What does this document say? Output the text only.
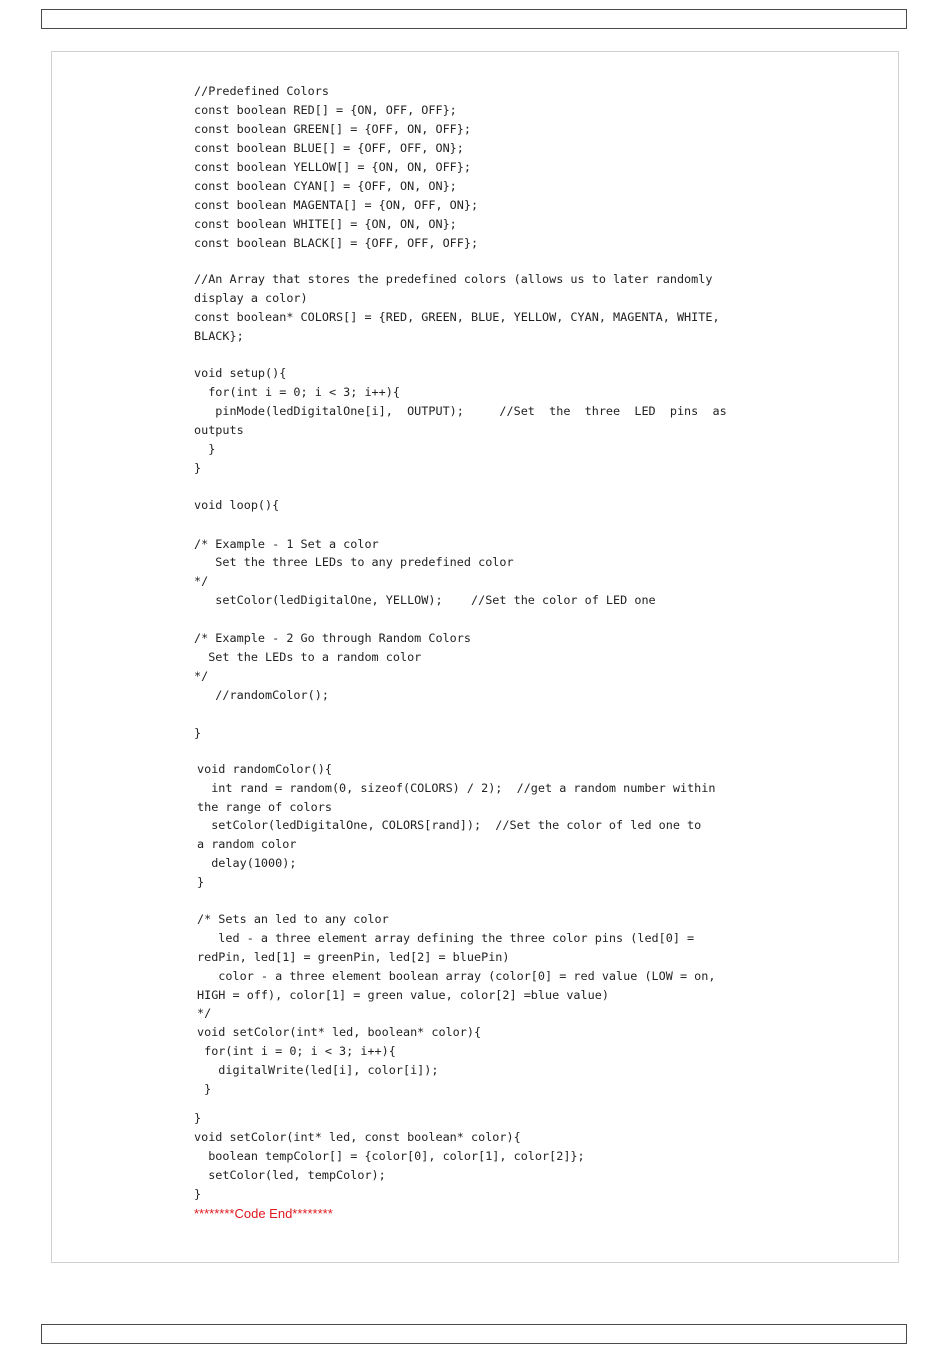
//Predefined Colors
const boolean RED[] = {ON, OFF, OFF};
const boolean GREEN[] = {OFF, ON, OFF};
const boolean BLUE[] = {OFF, OFF, ON};
const boolean YELLOW[] = {ON, ON, OFF};
const boolean CYAN[] = {OFF, ON, ON};
const boolean MAGENTA[] = {ON, OFF, ON};
const boolean WHITE[] = {ON, ON, ON};
const boolean BLACK[] = {OFF, OFF, OFF};
//An Array that stores the predefined colors (allows us to later randomly
display a color)
const boolean* COLORS[] = {RED, GREEN, BLUE, YELLOW, CYAN, MAGENTA, WHITE,
BLACK};
void setup(){
for(int i = 0; i < 3; i++){
pinMode(ledDigitalOne[i],  OUTPUT);     //Set  the  three  LED  pins  as
outputs
}
}
void loop(){
/* Example - 1 Set a color
Set the three LEDs to any predefined color
*/
setColor(ledDigitalOne, YELLOW);    //Set the color of LED one
/* Example - 2 Go through Random Colors
Set the LEDs to a random color
*/
//randomColor();
}
void randomColor(){
int rand = random(0, sizeof(COLORS) / 2);  //get a random number within
the range of colors
setColor(ledDigitalOne, COLORS[rand]);  //Set the color of led one to
a random color
delay(1000);
}
/* Sets an led to any color
led - a three element array defining the three color pins (led[0] =
redPin, led[1] = greenPin, led[2] = bluePin)
color - a three element boolean array (color[0] = red value (LOW = on,
HIGH = off), color[1] = green value, color[2] =blue value)
*/
void setColor(int* led, boolean* color){
for(int i = 0; i < 3; i++){
digitalWrite(led[i], color[i]);
}
}
void setColor(int* led, const boolean* color){
boolean tempColor[] = {color[0], color[1], color[2]};
setColor(led, tempColor);
}
********Code End********
